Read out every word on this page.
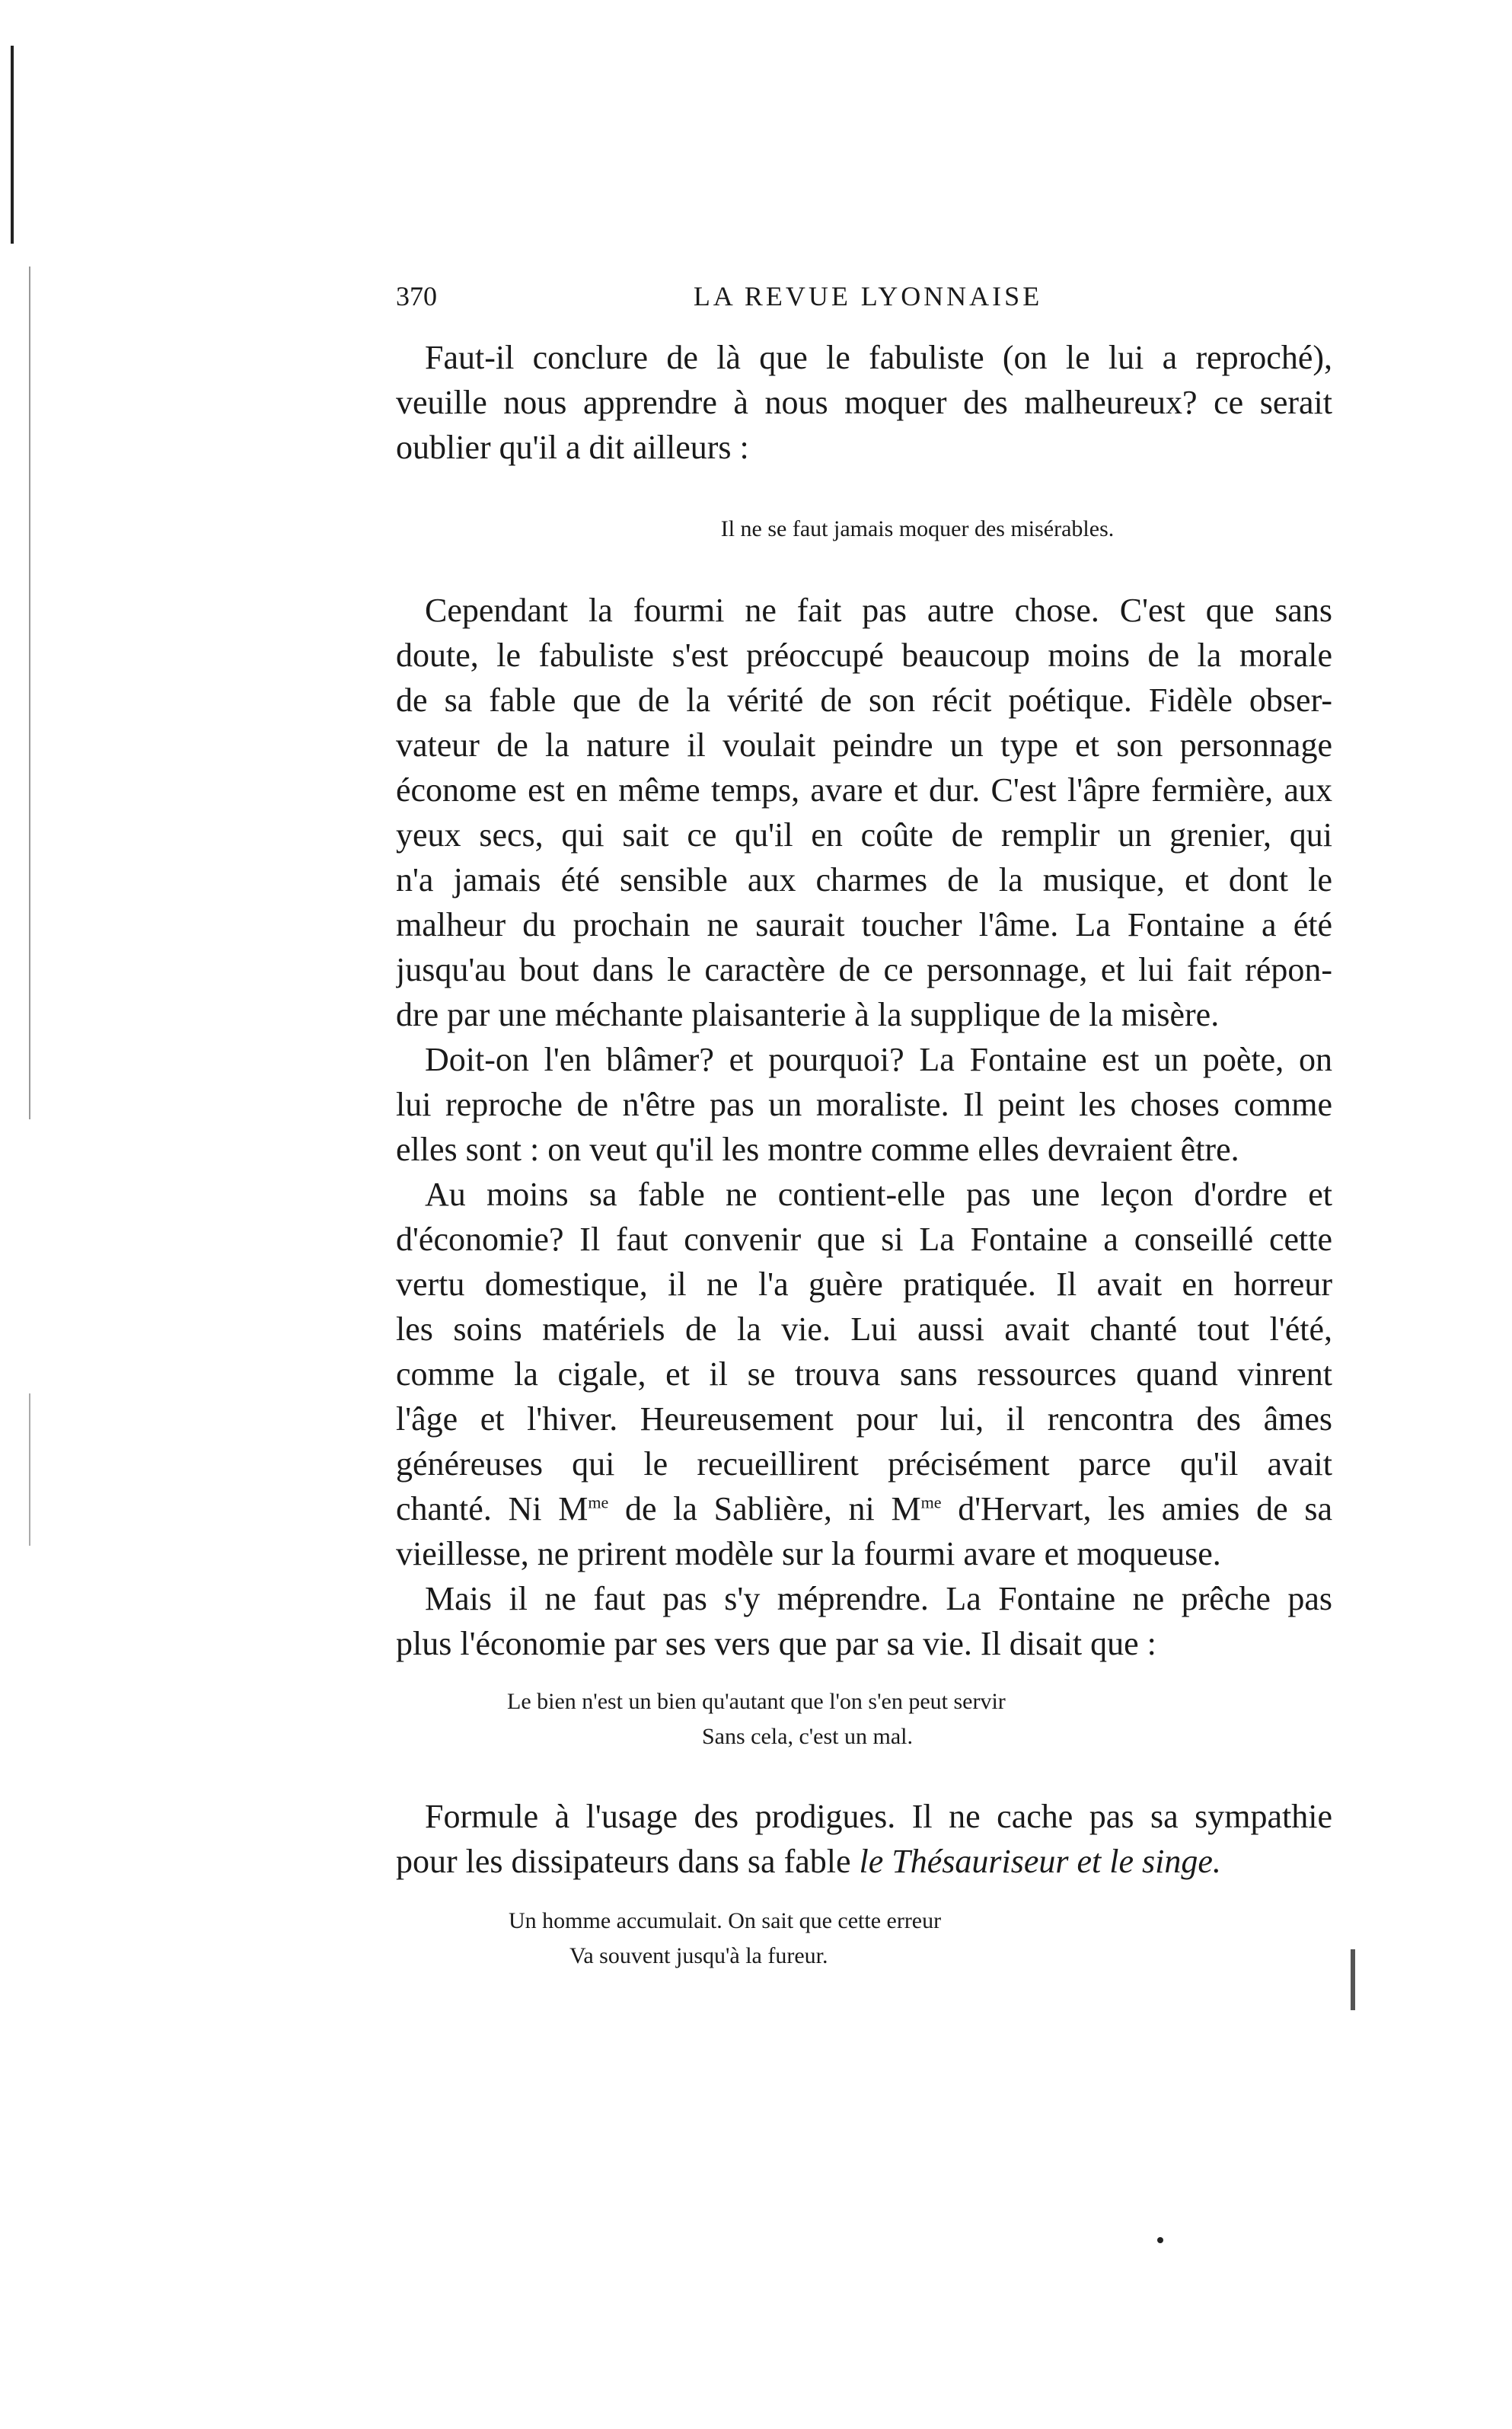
370	LA REVUE LYONNAISE
Faut-il conclure de là que le fabuliste (on le lui a reproché),
veuille nous apprendre à nous moquer des malheureux? ce serait
oublier qu'il a dit ailleurs :
Il ne se faut jamais moquer des misérables.
Cependant la fourmi ne fait pas autre chose. C'est que sans
doute, le fabuliste s'est préoccupé beaucoup moins de la morale
de sa fable que de la vérité de son récit poétique. Fidèle obser-
vateur de la nature il voulait peindre un type et son personnage
économe est en même temps, avare et dur. C'est l'âpre fermière, aux
yeux secs, qui sait ce qu'il en coûte de remplir un grenier, qui
n'a jamais été sensible aux charmes de la musique, et dont le
malheur du prochain ne saurait toucher l'âme. La Fontaine a été
jusqu'au bout dans le caractère de ce personnage, et lui fait répon-
dre par une méchante plaisanterie à la supplique de la misère.
Doit-on l'en blâmer? et pourquoi? La Fontaine est un poète, on
lui reproche de n'être pas un moraliste. Il peint les choses comme
elles sont : on veut qu'il les montre comme elles devraient être.
Au moins sa fable ne contient-elle pas une leçon d'ordre et
d'économie? Il faut convenir que si La Fontaine a conseillé cette
vertu domestique, il ne l'a guère pratiquée. Il avait en horreur
les soins matériels de la vie. Lui aussi avait chanté tout l'été,
comme la cigale, et il se trouva sans ressources quand vinrent
l'âge et l'hiver. Heureusement pour lui, il rencontra des âmes
généreuses qui le recueillirent précisément parce qu'il avait
chanté. Ni $M^{me}$ de la Sablière, ni $M^{me}$ d'Hervart, les amies de sa
vieillesse, ne prirent modèle sur la fourmi avare et moqueuse.
Mais il ne faut pas s'y méprendre. La Fontaine ne prêche pas
plus l'économie par ses vers que par sa vie. Il disait que :
Le bien n'est un bien qu'autant que l'on s'en peut servir
Sans cela, c'est un mal.
Formule à l'usage des prodigues. Il ne cache pas sa sympathie
pour les dissipateurs dans sa fable le Thésauriseur et le singe.
Un homme accumulait. On sait que cette erreur
Va souvent jusqu'à la fureur.
